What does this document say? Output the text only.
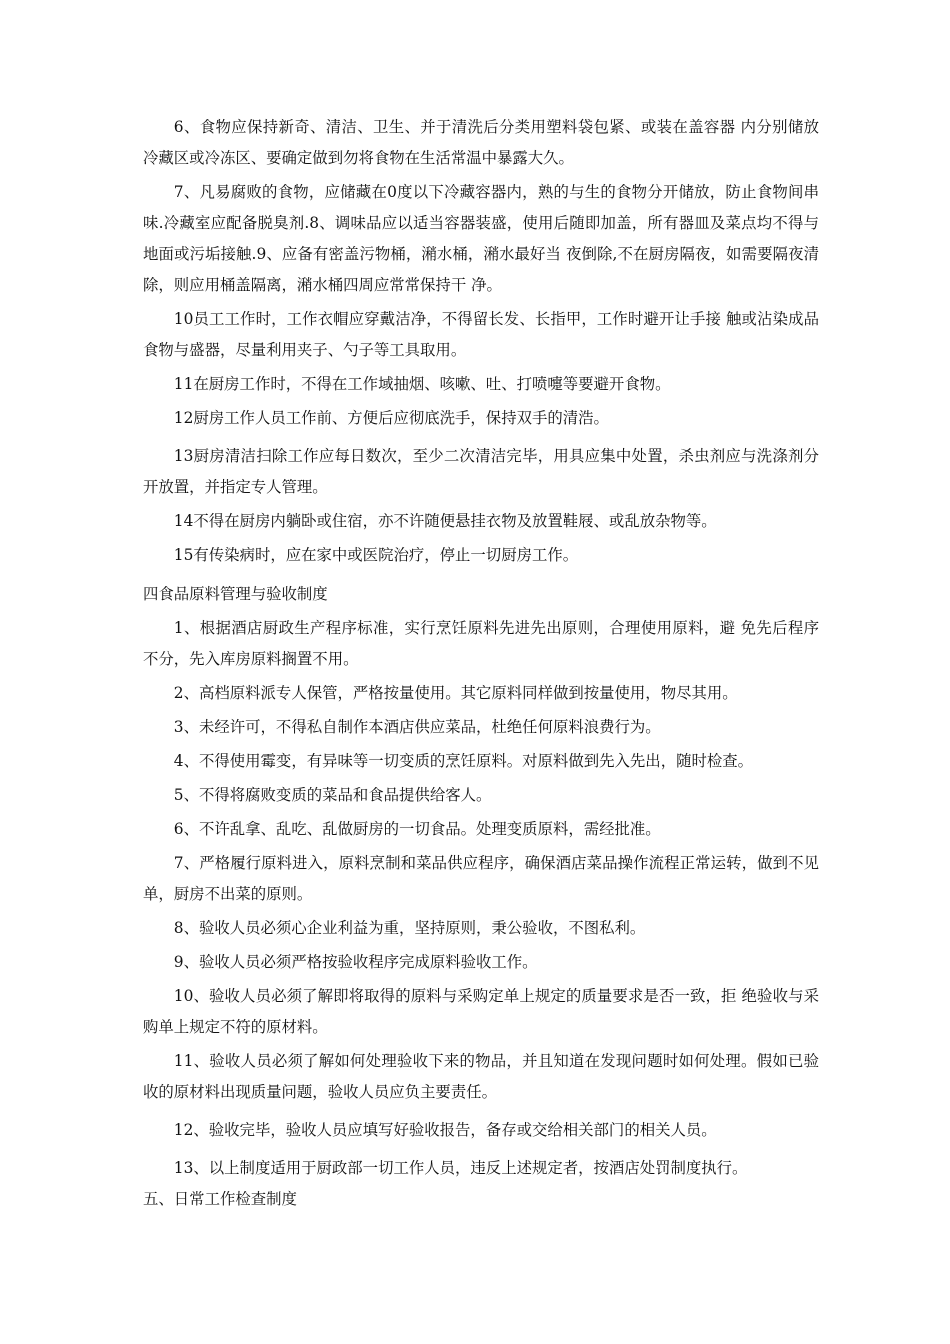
6、食物应保持新奇、清洁、卫生、并于清洗后分类用塑料袋包紧、或装在盖容器 内分别储放冷藏区或冷冻区、要确定做到勿将食物在生活常温中暴露大久。

7、凡易腐败的食物，应储藏在0度以下冷藏容器内，熟的与生的食物分开储放，防止食物间串味.冷藏室应配备脱臭剂.8、调味品应以适当容器装盛，使用后随即加盖，所有器皿及菜点均不得与地面或污垢接触.9、应备有密盖污物桶，潲水桶，潲水最好当 夜倒除,不在厨房隔夜，如需要隔夜清除，则应用桶盖隔离，潲水桶四周应常常保持干 净。

10员工工作时，工作衣帽应穿戴洁净，不得留长发、长指甲，工作时避开让手接 触或沾染成品食物与盛器，尽量利用夹子、勺子等工具取用。

11在厨房工作时，不得在工作域抽烟、咳嗽、吐、打喷嚏等要避开食物。

12厨房工作人员工作前、方便后应彻底洗手，保持双手的清浩。

13厨房清洁扫除工作应每日数次，至少二次清洁完毕，用具应集中处置，杀虫剂应与洗涤剂分开放置，并指定专人管理。

14不得在厨房内躺卧或住宿，亦不许随便悬挂衣物及放置鞋屐、或乱放杂物等。

15有传染病时，应在家中或医院治疗，停止一切厨房工作。

四食品原料管理与验收制度

1、根据酒店厨政生产程序标准，实行烹饪原料先进先出原则，合理使用原料，避 免先后程序不分，先入库房原料搁置不用。

2、高档原料派专人保管，严格按量使用。其它原料同样做到按量使用，物尽其用。

3、未经许可，不得私自制作本酒店供应菜品，杜绝任何原料浪费行为。

4、不得使用霉变，有异味等一切变质的烹饪原料。对原料做到先入先出，随时检查。

5、不得将腐败变质的菜品和食品提供给客人。

6、不许乱拿、乱吃、乱做厨房的一切食品。处理变质原料，需经批准。

7、严格履行原料进入，原料烹制和菜品供应程序，确保酒店菜品操作流程正常运转，做到不见单，厨房不出菜的原则。

8、验收人员必须心企业利益为重，坚持原则，秉公验收，不图私利。

9、验收人员必须严格按验收程序完成原料验收工作。

10、验收人员必须了解即将取得的原料与采购定单上规定的质量要求是否一致，拒 绝验收与采购单上规定不符的原材料。

11、验收人员必须了解如何处理验收下来的物品，并且知道在发现问题时如何处理。假如已验收的原材料出现质量问题，验收人员应负主要责任。

12、验收完毕，验收人员应填写好验收报告，备存或交给相关部门的相关人员。

13、以上制度适用于厨政部一切工作人员，违反上述规定者，按酒店处罚制度执行。

五、日常工作检查制度
